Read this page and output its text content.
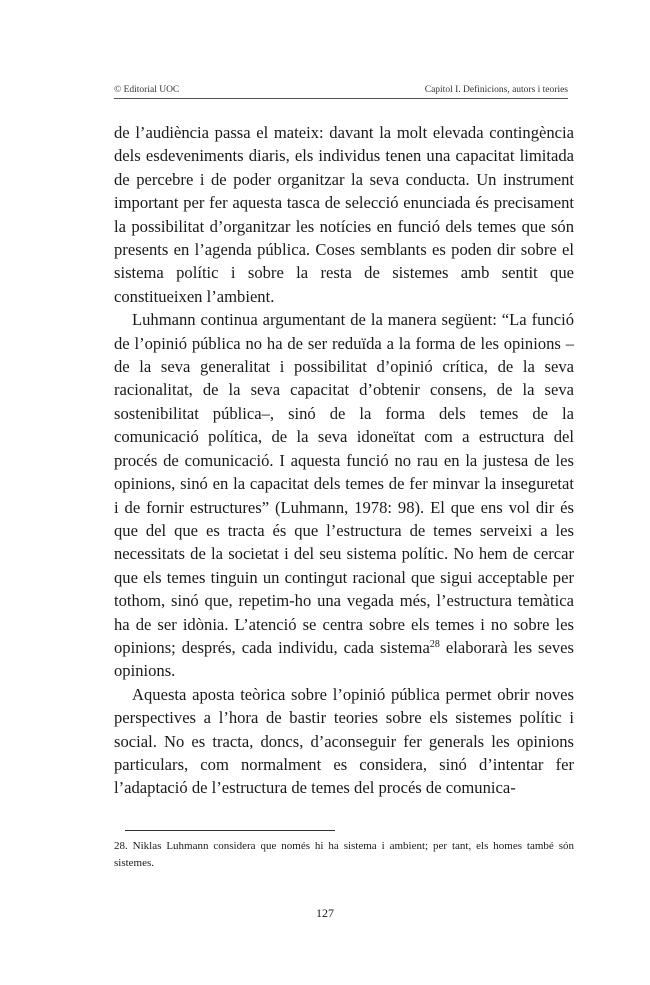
© Editorial UOC	Capítol I. Definicions, autors i teories

de l’audiència passa el mateix: davant la molt elevada contingència dels esdeveniments diaris, els individus tenen una capacitat limitada de percebre i de poder organitzar la seva conducta. Un instrument important per fer aquesta tasca de selecció enunciada és precisament la possibilitat d’organitzar les notícies en funció dels temes que són presents en l’agenda pública. Coses semblants es poden dir sobre el sistema polític i sobre la resta de sistemes amb sentit que constitueixen l’ambient.

Luhmann continua argumentant de la manera següent: “La funció de l’opinió pública no ha de ser reduïda a la forma de les opinions –de la seva generalitat i possibilitat d’opinió crítica, de la seva racionalitat, de la seva capacitat d’obtenir consens, de la seva sostenibilitat pública–, sinó de la forma dels temes de la comunicació política, de la seva idoneïtat com a estructura del procés de comunicació. I aquesta funció no rau en la justesa de les opinions, sinó en la capacitat dels temes de fer minvar la inseguretat i de fornir estructures” (Luhmann, 1978: 98). El que ens vol dir és que del que es tracta és que l’estructura de temes serveixi a les necessitats de la societat i del seu sistema polític. No hem de cercar que els temes tinguin un contingut racional que sigui acceptable per tothom, sinó que, repetim-ho una vegada més, l’estructura temàtica ha de ser idònia. L’atenció se centra sobre els temes i no sobre les opinions; després, cada individu, cada sistema$^{28}$ elaborarà les seves opinions.

Aquesta aposta teòrica sobre l’opinió pública permet obrir noves perspectives a l’hora de bastir teories sobre els sistemes polític i social. No es tracta, doncs, d’aconseguir fer generals les opinions particulars, com normalment es considera, sinó d’intentar fer l’adaptació de l’estructura de temes del procés de comunica-

28. Niklas Luhmann considera que només hi ha sistema i ambient; per tant, els homes també són sistemes.
127
